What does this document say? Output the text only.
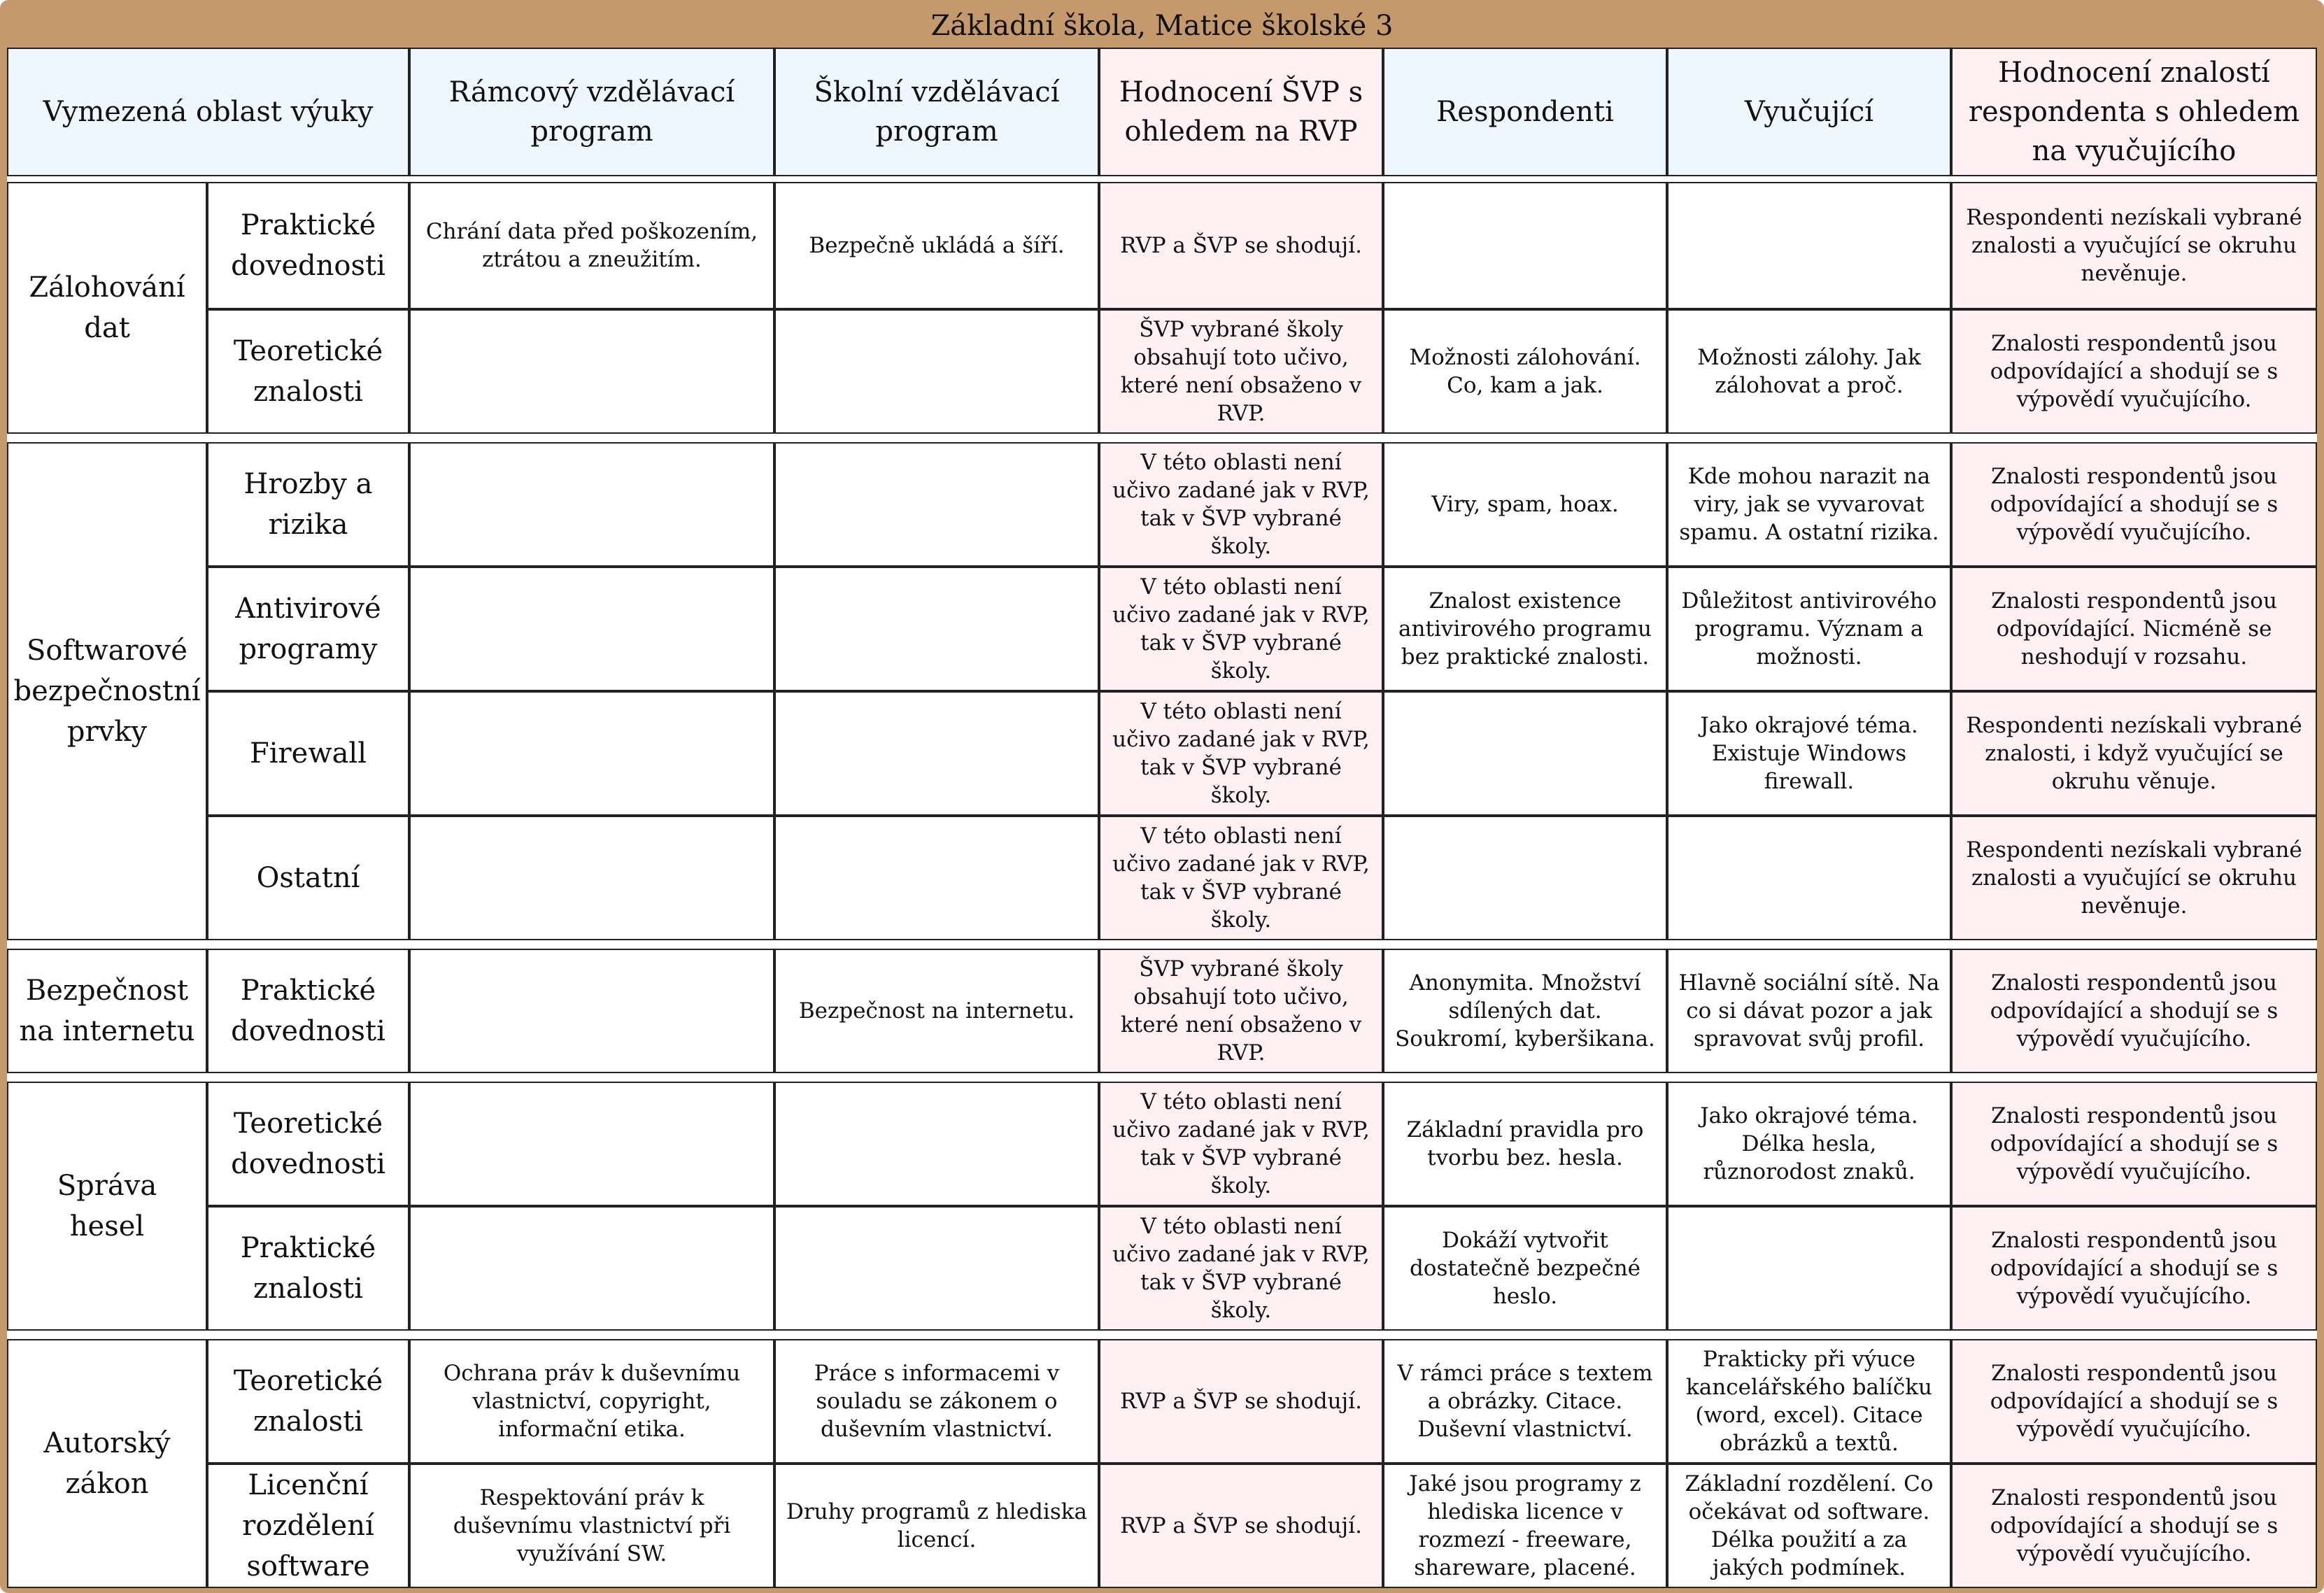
Základní škola, Matice školské 3
Vymezená oblast výuky
Rámcový vzdělávací program
Školní vzdělávací program
Hodnocení ŠVP s ohledem na RVP
Respondenti	Vyučující
Hodnocení znalostí respondenta s ohledem na vyučujícího
Zálohování dat
Praktické dovednosti
Chrání data před poškozením, ztrátou a zneužitím.
Bezpečně ukládá a šíří.	RVP a ŠVP se shodují.
Respondenti nezískali vybrané znalosti a vyučující se okruhu nevěnuje.
Teoretické znalosti
ŠVP vybrané školy obsahují toto učivo, které není obsaženo v RVP.
Možnosti zálohování. Co, kam a jak.
Možnosti zálohy. Jak zálohovat a proč.
Znalosti respondentů jsou odpovídající a shodují se s výpovědí vyučujícího.
Softwarové bezpečnostní prvky
Hrozby a rizika
V této oblasti není učivo zadané jak v RVP, tak v ŠVP vybrané školy.
Viry, spam, hoax.
Kde mohou narazit na viry, jak se vyvarovat spamu. A ostatní rizika.
Znalosti respondentů jsou odpovídající a shodují se s výpovědí vyučujícího.
Antivirové programy
V této oblasti není učivo zadané jak v RVP, tak v ŠVP vybrané školy.
Znalost existence antivirového programu bez praktické znalosti.
Důležitost antivirového programu. Význam a možnosti.
Znalosti respondentů jsou odpovídající. Nicméně se neshodují v rozsahu.
Firewall
V této oblasti není učivo zadané jak v RVP, tak v ŠVP vybrané školy.
Jako okrajové téma. Existuje Windows firewall.
Respondenti nezískali vybrané znalosti, i když vyučující se okruhu věnuje.
Ostatní
V této oblasti není učivo zadané jak v RVP, tak v ŠVP vybrané školy.
Respondenti nezískali vybrané znalosti a vyučující se okruhu nevěnuje.
Bezpečnost na internetu
Praktické dovednosti
Bezpečnost na internetu.
ŠVP vybrané školy obsahují toto učivo, které není obsaženo v RVP.
Anonymita. Množství sdílených dat. Soukromí, kyberšikana.
Hlavně sociální sítě. Na co si dávat pozor a jak spravovat svůj profil.
Znalosti respondentů jsou odpovídající a shodují se s výpovědí vyučujícího.
Správa hesel
Teoretické dovednosti
V této oblasti není učivo zadané jak v RVP, tak v ŠVP vybrané školy.
Základní pravidla pro tvorbu bez. hesla.
Jako okrajové téma. Délka hesla, různorodost znaků.
Znalosti respondentů jsou odpovídající a shodují se s výpovědí vyučujícího.
Praktické znalosti
V této oblasti není učivo zadané jak v RVP, tak v ŠVP vybrané školy.
Dokáží vytvořit dostatečně bezpečné heslo.
Znalosti respondentů jsou odpovídající a shodují se s výpovědí vyučujícího.
Autorský zákon
Teoretické znalosti
Ochrana práv k duševnímu vlastnictví, copyright, informační etika.
Práce s informacemi v souladu se zákonem o duševním vlastnictví.
RVP a ŠVP se shodují.
V rámci práce s textem a obrázky. Citace. Duševní vlastnictví.
Prakticky při výuce kancelářského balíčku (word, excel). Citace obrázků a textů.
Znalosti respondentů jsou odpovídající a shodují se s výpovědí vyučujícího.
Licenční rozdělení software
Respektování práv k duševnímu vlastnictví při využívání SW.
Druhy programů z hlediska licencí.
RVP a ŠVP se shodují.
Jaké jsou programy z hlediska licence v rozmezí - freeware, shareware, placené.
Základní rozdělení. Co očekávat od software. Délka použití a za jakých podmínek.
Znalosti respondentů jsou odpovídající a shodují se s výpovědí vyučujícího.
